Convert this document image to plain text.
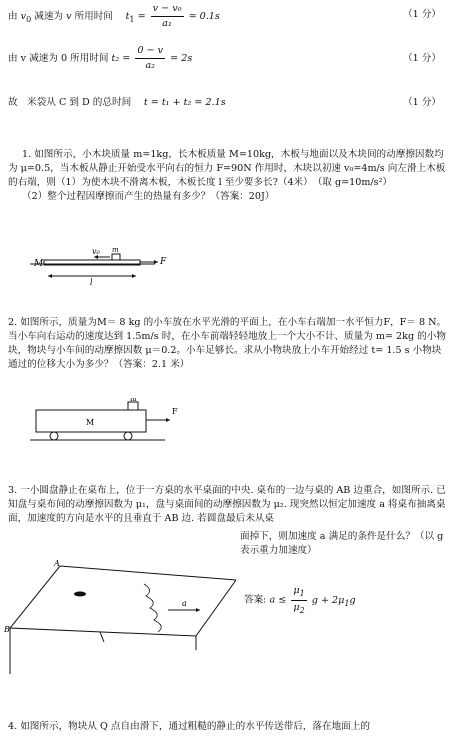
由 $v_0$ 减速为 v 所用时间　 $t_1 = \frac{\text{v − v₀}}{\text{a₁}} = 0.1s$	（1 分）
由 v 减速为 0 所用时间 $t_2 = \frac{0 - v}{\text{a₂}} = 2s$	（1 分）
故　米袋从 C 到 D 的总时间　 t = t₁ + t₂ = 2.1s	（1 分）

1. 如图所示，小木块质量 m=1kg，长木板质量 M=10kg，木板与地面以及木块间的动摩擦因数均为 μ=0.5，当木板从静止开始受水平向右的恒力 F=90N 作用时，木块以初速 v₀=4m/s 向左滑上木板的右端，则（1）为使木块不滑离木板，木板长度 l 至少要多长?（4米）　（取 g=10m/s²）

（2）整个过程因摩擦而产生的热量有多少？（答案：20J）

M
v₀ m
F
l

2. 如图所示，质量为M＝ 8 kg 的小车放在水平光滑的平面上，在小车右端加一水平恒力F，F＝ 8 N。当小车向右运动的速度达到 1.5m/s 时，在小车前端轻轻地放上一个大小不计、质量为 m= 2kg 的小物块，物块与小车间的动摩擦因数 μ＝0.2。小车足够长。求从小物块放上小车开始经过 t= 1.5 s 小物块通过的位移大小为多少？（答案：2.1 米）

M
m
F

3. 一小圆盘静止在桌布上，位于一方桌的水平桌面的中央. 桌布的一边与桌的 AB 边重合，如图所示. 已知盘与桌布间的动摩擦因数为 μ₁，盘与桌面间的动摩擦因数为 μ₂. 现突然以恒定加速度 a 将桌布抽离桌面，加速度的方向是水平的且垂直于 AB 边. 若圆盘最后未从桌

面掉下，则加速度 a 满足的条件是什么？（以 g 表示重力加速度）
A
B
a	答案: $a \le \frac{\mu_1}{\mu_2}$ $g + 2\mu_1g$

4. 如图所示，物块从 Q 点自由滑下，通过粗糙的静止的水平传送带后，落在地面上的
